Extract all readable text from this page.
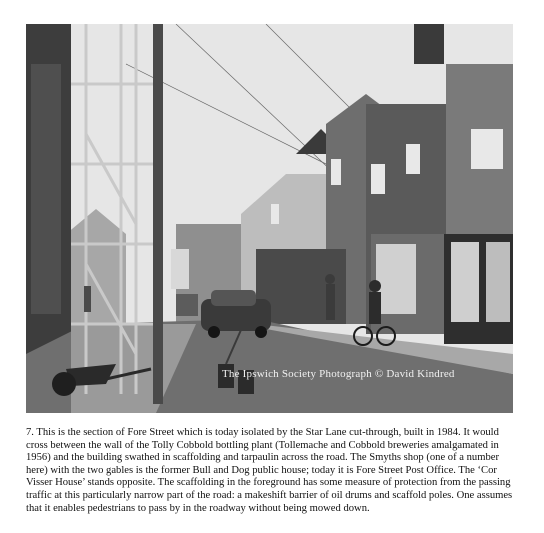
The Ipswich Society Photograph © David Kindred
7. This is the section of Fore Street which is today isolated by the Star Lane cut-through, built in 1984. It would cross between the wall of the Tolly Cobbold bottling plant (Tollemache and Cobbold breweries amalgamated in 1956) and the building swathed in scaffolding and tarpaulin across the road. The Smyths shop (one of a number here) with the two gables is the former Bull and Dog public house; today it is Fore Street Post Office. The ‘Cor Visser House’ stands opposite. The scaffolding in the foreground has some measure of protection from the passing traffic at this particularly narrow part of the road: a makeshift barrier of oil drums and scaffold poles. One assumes that it enables pedestrians to pass by in the roadway without being mowed down.
